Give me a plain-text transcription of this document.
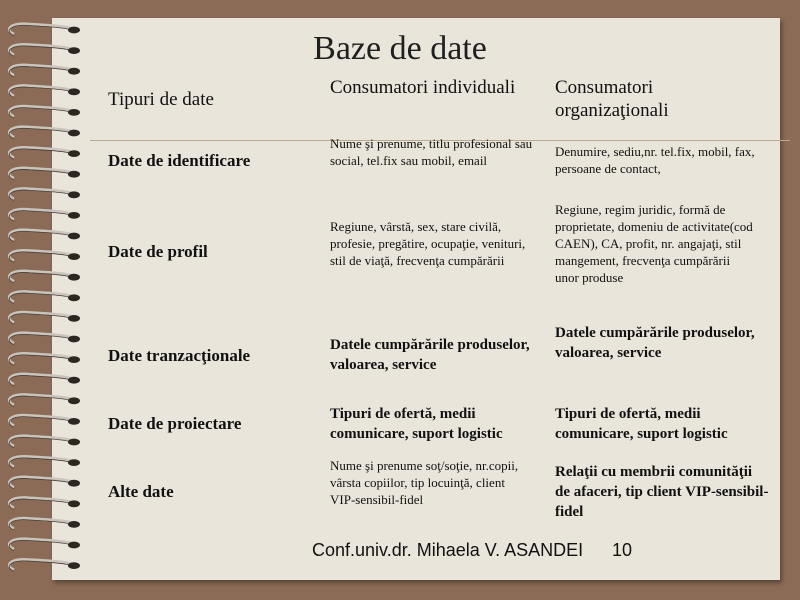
Baze de date
Tipuri de date
Consumatori individuali	Consumatori organizaţionali
Date de identificare
Nume şi prenume, titlu profesional sau social, tel.fix sau mobil, email
Denumire, sediu,nr. tel.fix, mobil, fax, persoane de contact,
Date de profil
Regiune, vârstă, sex, stare civilă, profesie, pregătire, ocupaţie, venituri, stil de viaţă, frecvenţa cumpărării
Regiune, regim juridic, formă de proprietate, domeniu de activitate(cod CAEN), CA, profit, nr. angajaţi, stil mangement, frecvenţa cumpărării unor produse
Date tranzacţionale
Datele cumpărările produselor, valoarea, service
Datele cumpărările produselor, valoarea, service
Date de proiectare	Tipuri de ofertă, medii comunicare, suport logistic
Tipuri de ofertă, medii comunicare, suport logistic
Alte date
Nume şi prenume soţ/soţie, nr.copii, vârsta copiilor, tip locuinţă, client VIP-sensibil-fidel
Relaţii cu membrii comunităţii de afaceri, tip client VIP-sensibil-fidel
Conf.univ.dr. Mihaela V. ASANDEI 10
